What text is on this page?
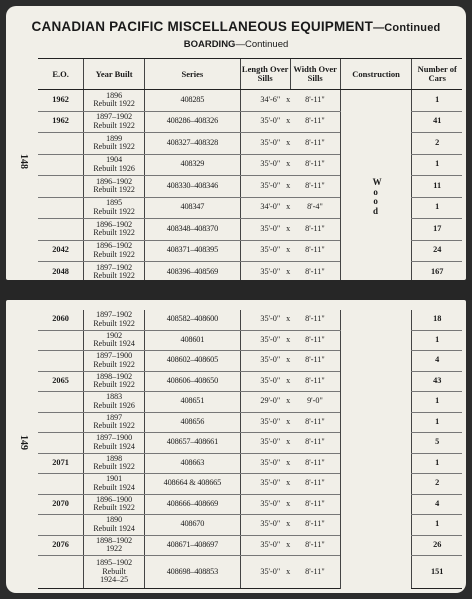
CANADIAN PACIFIC MISCELLANEOUS EQUIPMENT—Continued
BOARDING—Continued
148
E.O.	Year Built	Series	Length Over Sills	Width Over Sills	Construction	Number of Cars
1962	1896
Rebuilt 1922	408285	34'-6" x	8'-11"	Wood	1
1962	1897–1902
Rebuilt 1922	408286–408326	35'-0" x	8'-11"		41

	1899
Rebuilt 1922	408327–408328	35'-0" x	8'-11"		2

	1904
Rebuilt 1926	408329	35'-0" x	8'-11"		1

	1896–1902
Rebuilt 1922	408330–408346	35'-0" x	8'-11"		11

	1895
Rebuilt 1922	408347	34'-0" x	8'-4"		1

	1896–1902
Rebuilt 1922	408348–408370	35'-0" x	8'-11"		17
2042	1896–1902
Rebuilt 1922	408371–408395	35'-0" x	8'-11"		24
2048	1897–1902
Rebuilt 1922	408396–408569	35'-0" x	8'-11"		167

149
2060	1897–1902
Rebuilt 1922	408582–408600	35'-0" x	8'-11"		18

	1902
Rebuilt 1924	408601	35'-0" x	8'-11"		1

	1897–1900
Rebuilt 1922	408602–408605	35'-0" x	8'-11"		4
2065	1898–1902
Rebuilt 1922	408606–408650	35'-0" x	8'-11"		43

	1883
Rebuilt 1926	408651	29'-0" x	9'-0"		1

	1897
Rebuilt 1922	408656	35'-0" x	8'-11"		1

	1897–1900
Rebuilt 1924	408657–408661	35'-0" x	8'-11"		5
2071	1898
Rebuilt 1922	408663	35'-0" x	8'-11"		1

	1901
Rebuilt 1924	408664 & 408665	35'-0" x	8'-11"		2
2070	1896–1900
Rebuilt 1922	408666–408669	35'-0" x	8'-11"		4

	1890
Rebuilt 1924	408670	35'-0" x	8'-11"		1
2076	1898–1902
1922	408671–408697	35'-0" x	8'-11"		26

	1895–1902
Rebuilt
1924–25	408698–408853	35'-0" x	8'-11"		151
